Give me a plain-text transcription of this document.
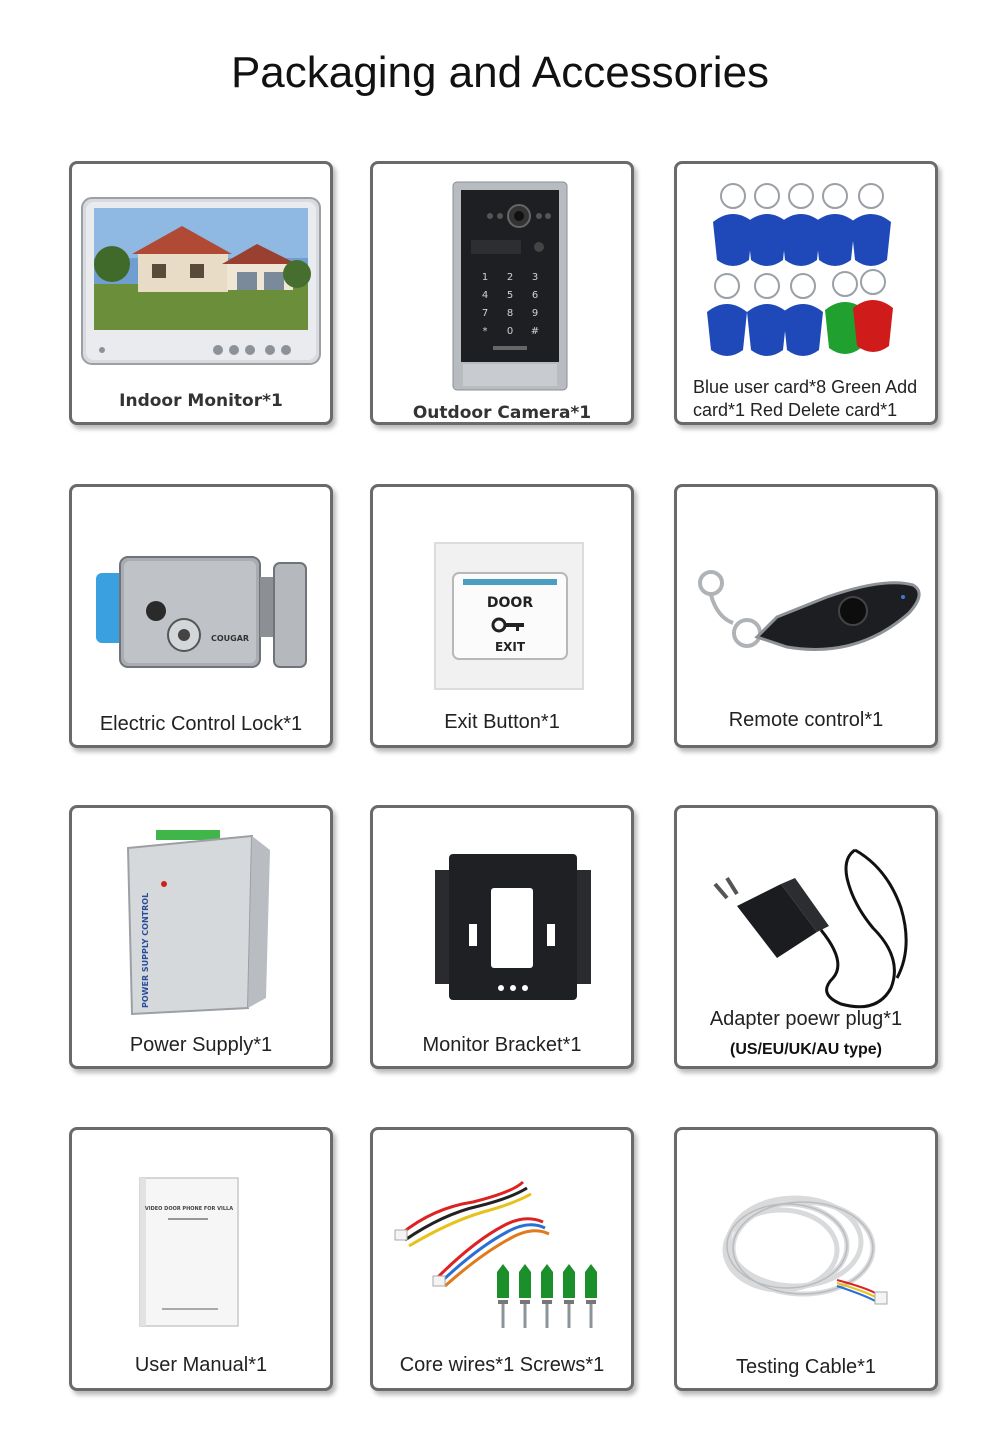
Packaging and Accessories
Indoor Monitor*1
1 2 3
4 5 6
7 8 9
* 0 #
Outdoor Camera*1
Blue user card*8 Green Add card*1 Red Delete card*1
COUGAR
Electric Control Lock*1
DOOR
EXIT
Exit Button*1	Remote control*1
POWER SUPPLY CONTROL
Power Supply*1	Monitor Bracket*1
Adapter poewr plug*1
(US/EU/UK/AU type)
VIDEO DOOR PHONE FOR VILLA
User Manual*1	Core wires*1 Screws*1	Testing Cable*1
